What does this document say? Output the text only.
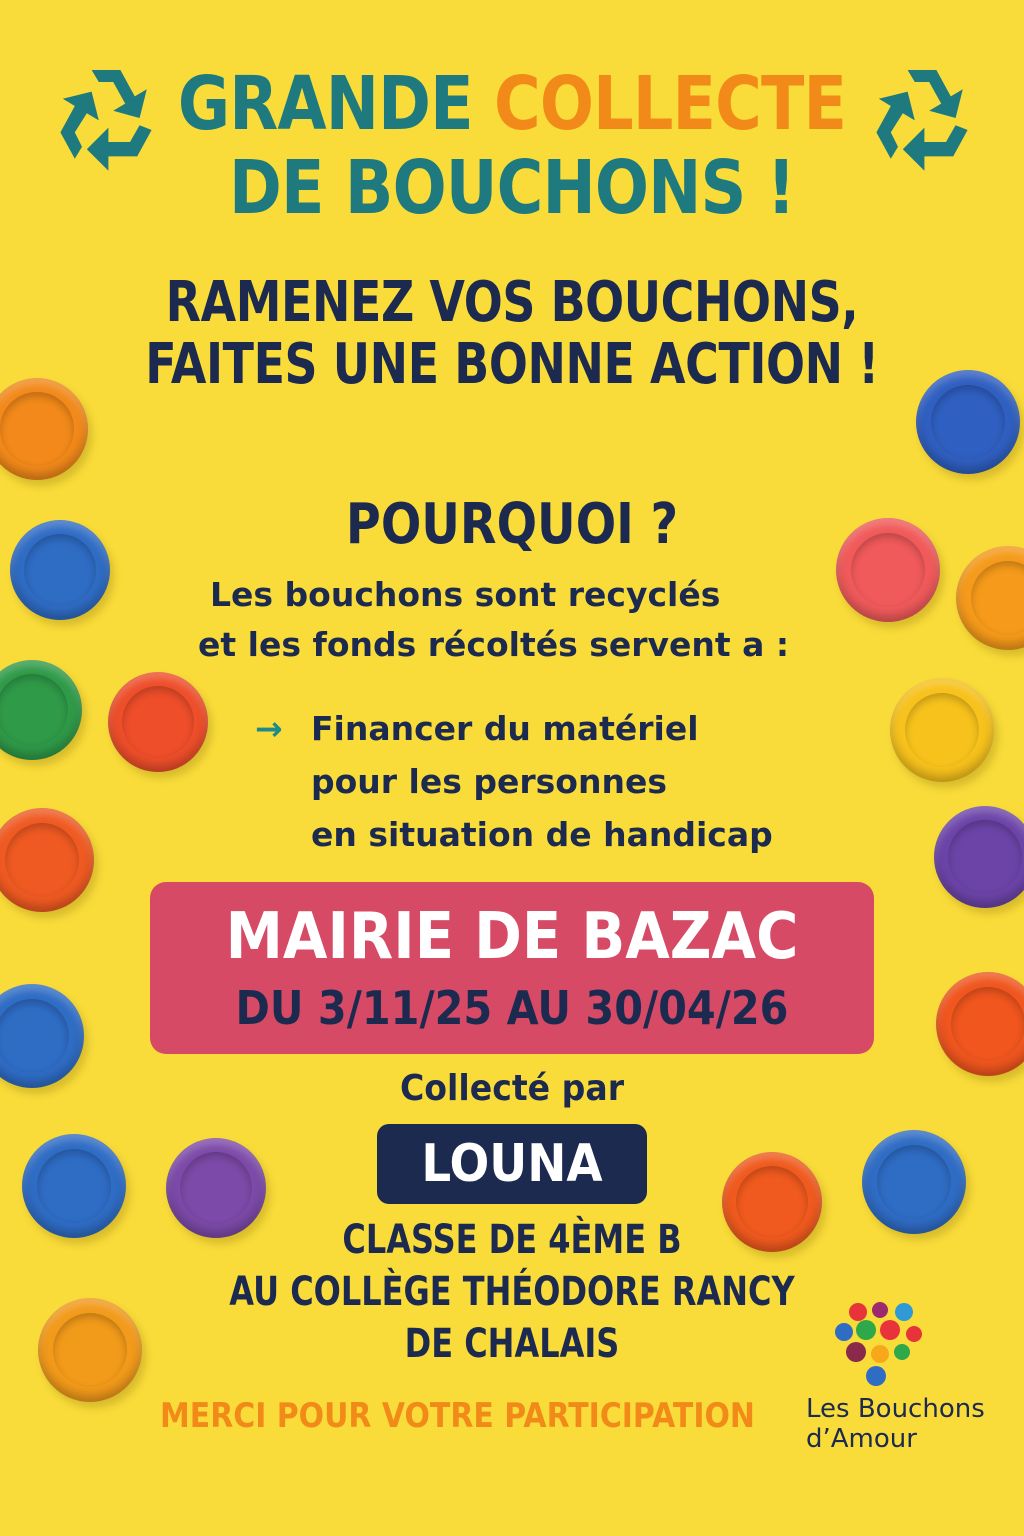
GRANDE COLLECTE
DE BOUCHONS !
RAMENEZ VOS BOUCHONS,
FAITES UNE BONNE ACTION !
POURQUOI ?
Les bouchons sont recyclés
et les fonds récoltés servent a :
→ Financer du matériel
pour les personnes
en situation de handicap
MAIRIE DE BAZAC
DU 3/11/25 AU 30/04/26
Collecté par
LOUNA
CLASSE DE 4ÈME B
AU COLLÈGE THÉODORE RANCY
DE CHALAIS
MERCI POUR VOTRE PARTICIPATION Les Bouchons
d’Amour
